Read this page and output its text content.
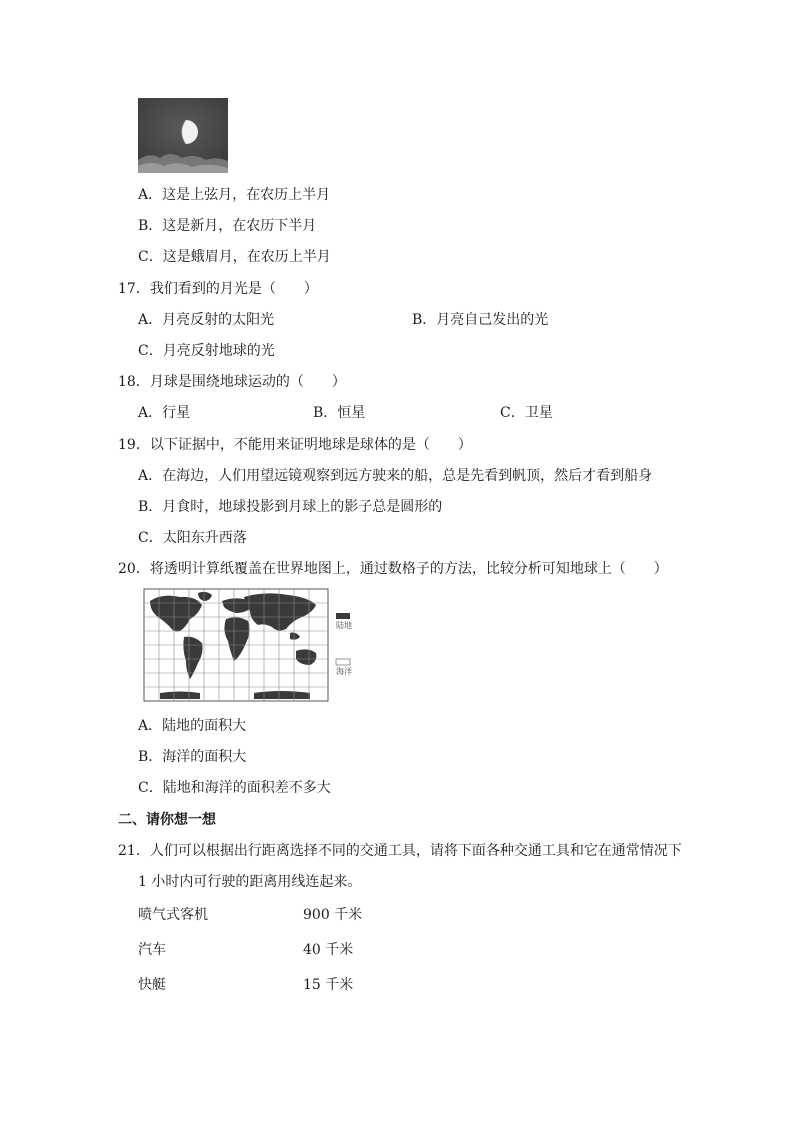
A．这是上弦月，在农历上半月
B．这是新月，在农历下半月
C．这是蛾眉月，在农历上半月
17．我们看到的月光是（　　）
A．月亮反射的太阳光	B．月亮自己发出的光
C．月亮反射地球的光
18．月球是围绕地球运动的（　　）
A．行星	B．恒星	C．卫星
19．以下证据中，不能用来证明地球是球体的是（　　）
A．在海边，人们用望远镜观察到远方驶来的船，总是先看到帆顶，然后才看到船身
B．月食时，地球投影到月球上的影子总是圆形的
C．太阳东升西落
20．将透明计算纸覆盖在世界地图上，通过数格子的方法，比较分析可知地球上（　　）
陆地
海洋
A．陆地的面积大
B．海洋的面积大
C．陆地和海洋的面积差不多大
二、请你想一想
21．人们可以根据出行距离选择不同的交通工具，请将下面各种交通工具和它在通常情况下
1 小时内可行驶的距离用线连起来。
喷气式客机	900 千米
汽车	40 千米
快艇	15 千米
